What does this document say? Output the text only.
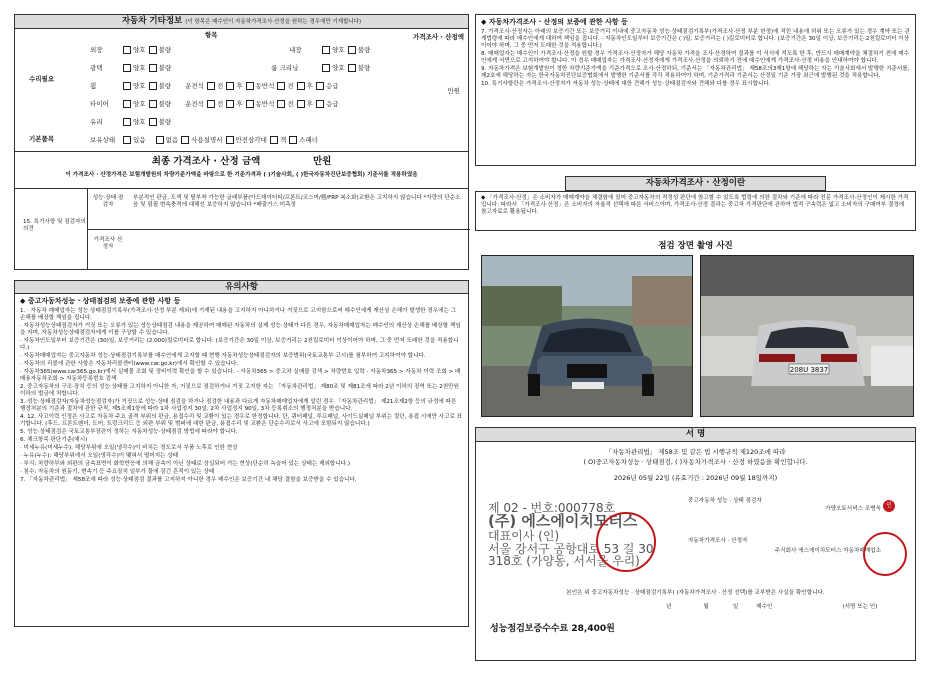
자동차 기타정보 (이 항목은 매수인이 자동차가격조사·산정을 원하는 경우에만 기재합니다)
항목	가격조사 · 산정액
수리필요
만원
외장	양호 불량	내장	양호 불량
광택	양호 불량	룸 크리닝	양호 불량
휠	양호 불량 운전석 전 후 동반석 전 후 응급
타이어	양호 불량 운전석 전 후 동반석 전 후 응급
유리	양호 불량
보유상태	있음	없음 사용설명서 안전삼각대 잭 스패너
기본품목
최종 가격조사 · 산정 금액	만원
이 가격조사 · 산정가격은 보험개발원의 차량기준가액을 바탕으로 한 기준가격과 ( )기술사회, ( )한국자동차진단보증협회) 기준서를 적용하였음
15. 특기사항 및 점검자의 의견
성능·상태 점검자
부분적인 판금, 도색 및 탈부착 가능한 글래부품(아드데이터티/프론트/코스머/휀/FRP 복소화)교환은 고지하지 않습니다 *자량의 단순소음 및 펌필 변속충격에 대해선 보증하지 않습니다 *배출가스 미측정
가격조사 산정자
유의사항
◆ 중고자동차성능 · 상태점검의 보증에 관한 사항 등
1. · 자동차 매매업자는 성능·상태점검기록부(가격조사·산정 부분 제외)에 기재된 내용을 고지하지 아니하거나 거짓으로 고지함으로써 매수인에게 재산상 손해가 발생한 경우에는 그 손해를 배상할 책임을 집니다.
· 자동차성능상태점검자가 거짓 또는 오류가 있는 성능상태점검 내용을 제공하여 매매된 자동차의 실제 성능·상태가 다른 경우, 자동차매매업자는 매수인의 재산상 손해를 배상할 책임을 지며, 자동차성능상태점검자에게 이를 구상할 수 있습니다.
· 자동차인도일부터 보증기간은 (30)일, 보증거리는 (2,000)킬로미터로 합니다. (보증기간은 30일 이상, 보증거리는 2천킬로미터 이상이어야 하며, 그 중 먼저 도래한 것을 적용합니다.)
· 자동차매매업자는 중고자동차 성능·상태점검기록부를 매수인에게 고지할 때 현행 자동차성능상태점검자의 보증범위(국토교통부 고시)를 첨부하여 고지하여야 합니다.
· 자동차의 리콜에 관한 사항은 자동차리콜센터(www.car.go.kr)에서 확인할 수 있습니다.
· 자동차365(www.car365.go.kr)에서 실매물 조회 및 정비이력 확인을 할 수 있습니다. - 자동차365 > 중고차 실매물 검색 > 차량번호 입력 - 자동차365 > 자동차 이력 조회 > 매매용자동차조회 > 자동차등록번호 검색
2. 중고자동차의 구조·장치 등의 성능·상태를 고지하지 아니한 자, 거짓으로 점검하거나 거짓 고지한 자는 「자동차관리법」 제80조 및 제81조에 따라 2년 이하의 징역 또는 2천만원 이하의 벌금에 처합니다.
3. 성능·상태점검자(자동차성능점검자)가 거짓으로 성능·상태 점검을 하거나 점검한 내용과 다르게 자동차매매업자에게 알린 경우 「자동차관리법」 제21조제2항 등의 규정에 따른 행정처분의 기준과 절차에 관한 규칙, 제5조제1항에 따라 1차 사업정지 30일, 2차 사업정지 90일, 3차 등록취소의 행정처분을 받습니다.
4. 12. 사고이력 인정은 사고로 자동차 주요 골격 부위의 판금, 용접수리 및 교환이 있는 경우로 한정합니다. 단, 쿼터패널, 루프패널, 사이드실패널 부위는 절단, 용접 시에만 사고로 표기합니다. (후드, 프론트펜더, 도어, 트렁크리드 등 외판 부위 및 범퍼에 대한 판금, 용접수리 및 교환은 단순수리로서 사고에 포함되지 않습니다.)
5. 성능·상태점검은 국토교통부장관이 정하는 자동차성능·상태점검 방법에 따라야 합니다.
6. 체크항목 판단기준(예시)
· 미세누유(미세누수): 해당부위에 오일(냉각수)이 비치는 정도로서 부품 노후로 인한 현상
· 누유(누수): 해당부위에서 오일(냉각수)이 맺혀서 떨어지는 상태
· 부식: 차량하부와 외판의 금속표면이 화학반응에 의해 금속이 아닌 상태로 상실되어 가는 현상(단순히 녹슬어 있는 상태는 제외합니다.)
· 침수: 자동차의 원동기, 변속기 등 주요장치 일부가 물에 잠긴 흔적이 있는 상태
7. 「자동차관리법」 제58조에 따라 성능·상태점검 결과를 고지하지 아니한 경우 매수인은 보증기간 내 해당 결함을 보증받을 수 있습니다.
◆ 자동차가격조사 · 산정의 보증에 관한 사항 등
7. 가격조사·산정자는 아래의 보증기간 또는 보증거리 이내에 중고자동차 성능·상태점검기록부(가격조사·산정 부분 한정)에 적힌 내용에 허위 또는 오류가 있는 경우 계약 또는 관계법령에 따라 매수인에게 대하여 책임을 집니다. · 자동차인도일부터 보증기간은 ( )일, 보증거리는 ( )킬로미터로 합니다. (보증기간은 30일 이상, 보증거리는 2천킬로미터 이상이어야 하며, 그 중 먼저 도래한 것을 적용합니다.)
8. 매매업자는 매수인이 가격조사·산정을 원할 경우 가격조사·산정자가 해당 자동차 가격을 조사·산정하여 결과를 이 서식에 적도록 한 후, 반드시 매매계약을 체결하기 전에 매수인에게 서면으로 고지하여야 합니다. 이 경우 매매업자는 가격조사·산정자에게 가격조사·산정을 의뢰하기 전에 매수인에게 가격조사·산정 비용을 안내하여야 합니다.
9. 자동차가격은 보험개발원이 정한 차량기준가액을 기준가격으로 조사·산정하되, 기준서는 「자동차관리법」 제58조의3제1항에 해당하는 자는 기술사회에서 발행한 기준서를, 제2호에 해당하는 자는 한국자동차진단보증협회에서 발행한 기준서를 각각 적용하여야 하며, 기준가격과 기준서는 산정일 기준 가장 최근에 발행된 것을 적용합니다.
10. 특기사항란은 가격조사·산정자가 자동차 성능·상태에 대한 견해가 성능·상태점검자와 견해와 다를 경우 표시합니다.
자동차가격조사 · 산정이란
◆ 「가격조사·산정」은 소비자가 매매계약을 체결함에 있어 중고자동차의 적정성 판단에 참고할 수 있도록 법령에 의한 절차와 기준에 따라 전문 가격조사·산정인이 제시한 가격입니다. 따라서 「가격조사·산정」은 소비자의 자율적 선택에 따른 서비스이며, 가격조사·산정 결과는 중고차 가격판단에 관하여 법적 구속력은 없고 소비자의 구매여부 결정에 참고자료로 활용됩니다.
점검 장면 촬영 사진
208U 3837
서 명
「자동차관리법」 제58조 및 같은 법 시행규칙 제120조에 따라
( O)중고자동차성능 · 상태점검, ( )자동차가격조사 · 산정 하였음을 확인합니다.
2026년 05월 22일 (유효기간 : 2026년 09월 18일까지)
중고자동차 성능 · 상태 점검자
가양오토서비스 조병욱 인
자동차가격조사 · 산정자
주식회사 에스에이치모터스 자동차매매업소
제 02 - 번호:000778호
(주) 에스에이치모터스
대표이사 (인)
서울 강서구 공항대로 53 길 30
318호 (가양동, 서서울 우리)
본인은 위 중고자동차성능 · 상태점검기록부( )자동차가격조사 · 산정 선택)를 교부받은 사실을 확인합니다.
년	월	일	매수인	(서명 또는 인)
성능점검보증수수료 28,400원
